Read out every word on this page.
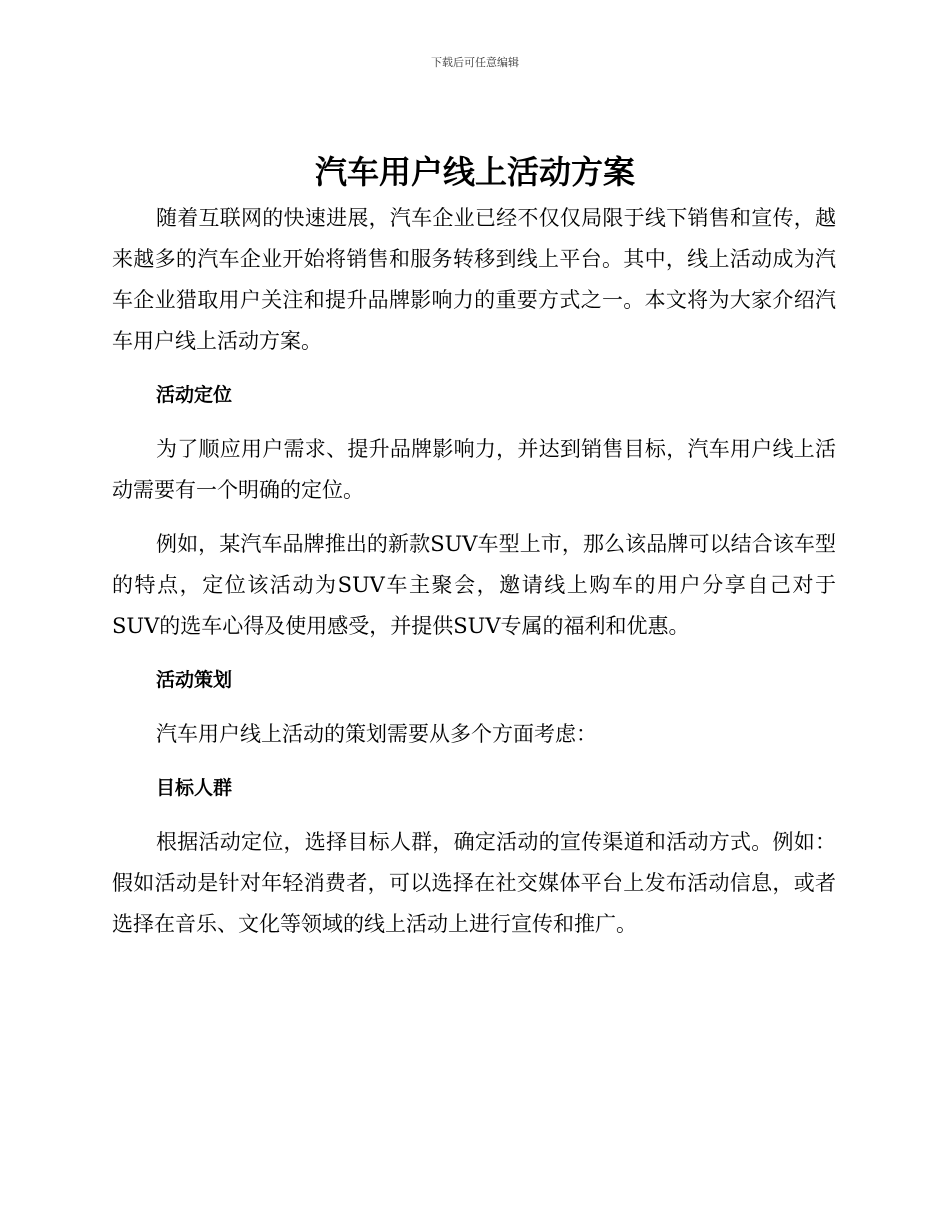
下载后可任意编辑
汽车用户线上活动方案

随着互联网的快速进展，汽车企业已经不仅仅局限于线下销售和宣传，越来越多的汽车企业开始将销售和服务转移到线上平台。其中，线上活动成为汽车企业猎取用户关注和提升品牌影响力的重要方式之一。本文将为大家介绍汽车用户线上活动方案。

活动定位

为了顺应用户需求、提升品牌影响力，并达到销售目标，汽车用户线上活动需要有一个明确的定位。

例如，某汽车品牌推出的新款SUV车型上市，那么该品牌可以结合该车型的特点，定位该活动为SUV车主聚会，邀请线上购车的用户分享自己对于SUV的选车心得及使用感受，并提供SUV专属的福利和优惠。

活动策划

汽车用户线上活动的策划需要从多个方面考虑：

目标人群

根据活动定位，选择目标人群，确定活动的宣传渠道和活动方式。例如：假如活动是针对年轻消费者，可以选择在社交媒体平台上发布活动信息，或者选择在音乐、文化等领域的线上活动上进行宣传和推广。
